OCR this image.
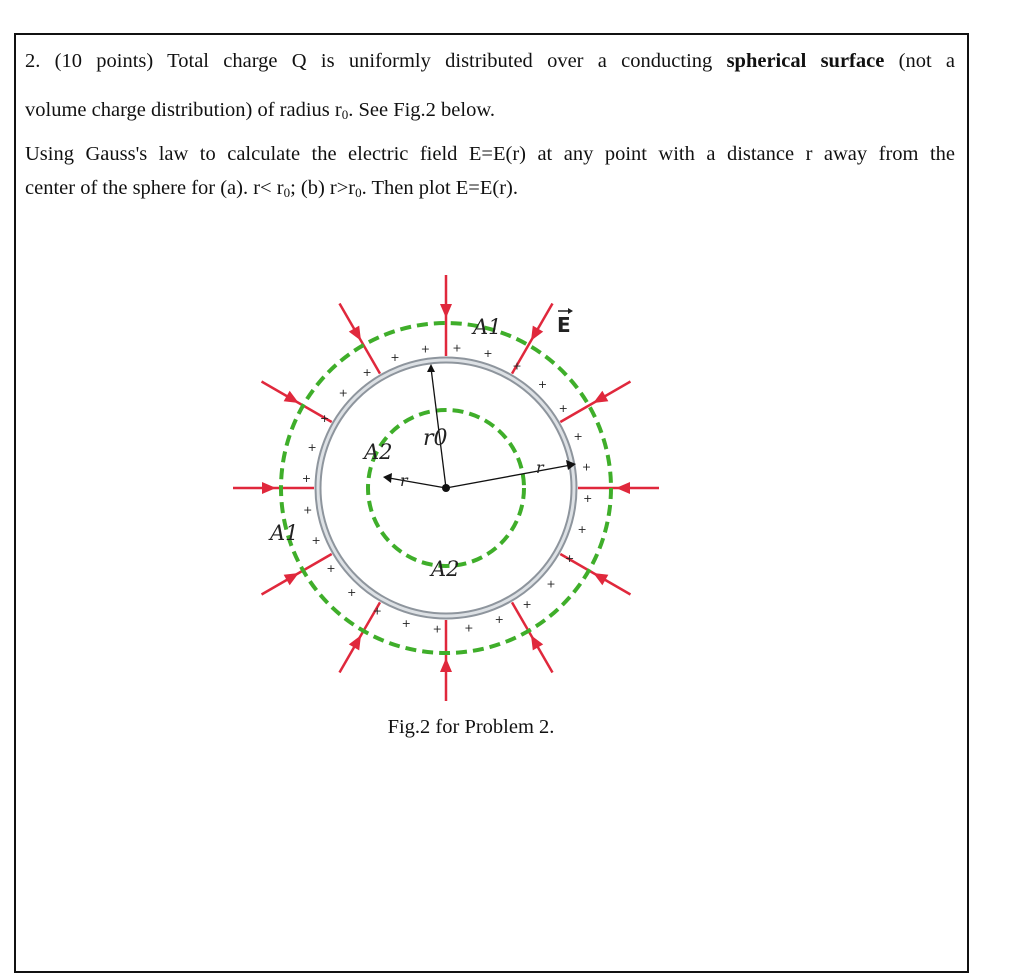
2. (10 points) Total charge Q is uniformly distributed over a conducting spherical surface (not a

volume charge distribution) of radius $r_0$. See Fig.2 below.

Using Gauss's law to calculate the electric field E=E(r) at any point with a distance r away from the

center of the sphere for (a). $r< r_0$; (b) $r>r_0$. Then plot E=E(r).

+
+
+
+
+
+
+
+
+
+
+
+
+
+
+
+
+
+
+
+
+ + +
+
+
+
+
+
A1
A1
A2
A2
r0
r
r
E
Fig.2 for Problem 2.
